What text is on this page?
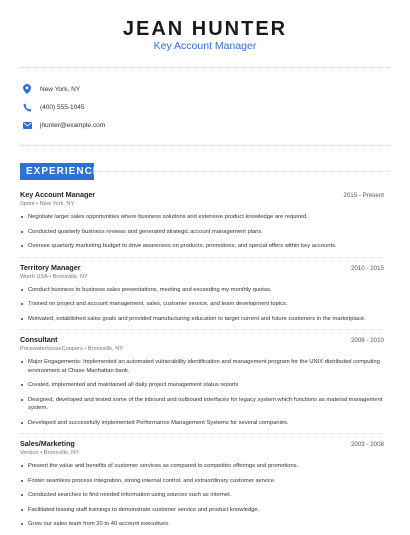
JEAN HUNTER
Key Account Manager
New York, NY
(400) 555-1045
jhunter@example.com
EXPERIENCE
Key Account Manager	2015 - Present
Sprint • New York, NY
Negotiate larger sales opportunities where business solutions and extensive product knowledge are required.
Conducted quarterly business reviews and generated strategic account management plans.
Oversee quarterly marketing budget to drive awareness on products, promotions, and special offers within key accounts.
Territory Manager	2010 - 2015
Wurth USA • Bronxville, NY
Conduct business to business sales presentations, meeting and exceeding my monthly quotas.
Trained on project and account management, sales, customer service, and team development topics.
Motivated, established sales goals and provided manufacturing education to target current and future customers in the marketplace.
Consultant	2008 - 2010
PricewaterhouseCoopers • Bronxville, NY
Major Engagements: Implemented an automated vulnerability identification and management program for the UNIX distributed computing environment at Chase Manhattan bank.
Created, implemented and maintained all daily project management status reports
Designed, developed and tested some of the inbound and outbound interfaces for legacy system which functions as material management system.
Developed and successfully implemented Performance Management Systems for several companies.
Sales/Marketing	2003 - 2008
Verizon • Bronxville, NY
Present the value and benefits of customer services as compared to competitor offerings and promotions.
Foster seamless process integration, strong internal control, and extraordinary customer service.
Conducted searches to find needed information using sources such as internet.
Facilitated leasing staff trainings to demonstrate customer service and product knowledge.
Grow our sales team from 20 to 40 account executives.
